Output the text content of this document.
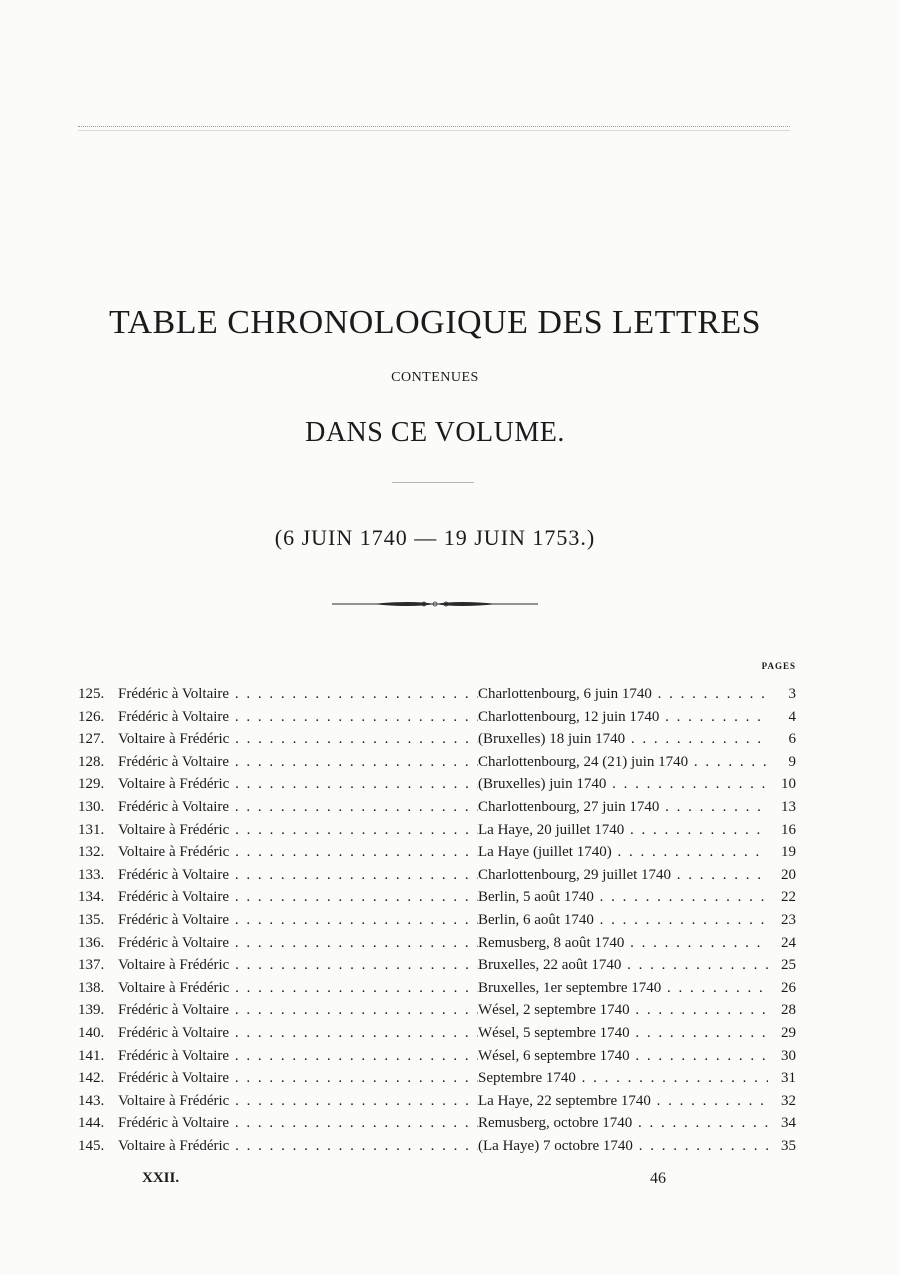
TABLE CHRONOLOGIQUE DES LETTRES
CONTENUES
DANS CE VOLUME.
(6 JUIN 1740 — 19 JUIN 1753.)
PAGES
125. Frédéric à Voltaire . . .	Charlottenbourg, 6 juin 1740 . . .	3
126. Frédéric à Voltaire . . .	Charlottenbourg, 12 juin 1740 . . .	4
127. Voltaire à Frédéric . . .	(Bruxelles) 18 juin 1740 . . .	6
128. Frédéric à Voltaire . . .	Charlottenbourg, 24 (21) juin 1740 . . .	9
129. Voltaire à Frédéric . . .	(Bruxelles) juin 1740 . . .	10
130. Frédéric à Voltaire . . .	Charlottenbourg, 27 juin 1740 . . .	13
131. Voltaire à Frédéric . . .	La Haye, 20 juillet 1740 . . .	16
132. Voltaire à Frédéric . . .	La Haye (juillet 1740) . . .	19
133. Frédéric à Voltaire . . .	Charlottenbourg, 29 juillet 1740 . . .	20
134. Frédéric à Voltaire . . .	Berlin, 5 août 1740 . . .	22
135. Frédéric à Voltaire . . .	Berlin, 6 août 1740 . . .	23
136. Frédéric à Voltaire . . .	Remusberg, 8 août 1740 . . .	24
137. Voltaire à Frédéric . . .	Bruxelles, 22 août 1740 . . .	25
138. Voltaire à Frédéric . . .	Bruxelles, 1er septembre 1740 . . .	26
139. Frédéric à Voltaire . . .	Wésel, 2 septembre 1740 . . .	28
140. Frédéric à Voltaire . . .	Wésel, 5 septembre 1740 . . .	29
141. Frédéric à Voltaire . . .	Wésel, 6 septembre 1740 . . .	30
142. Frédéric à Voltaire . . .	Septembre 1740 . . .	31
143. Voltaire à Frédéric . . .	La Haye, 22 septembre 1740 . . .	32
144. Frédéric à Voltaire . . .	Remusberg, octobre 1740 . . .	34
145. Voltaire à Frédéric . . .	(La Haye) 7 octobre 1740 . . .	35
XXII.	46
